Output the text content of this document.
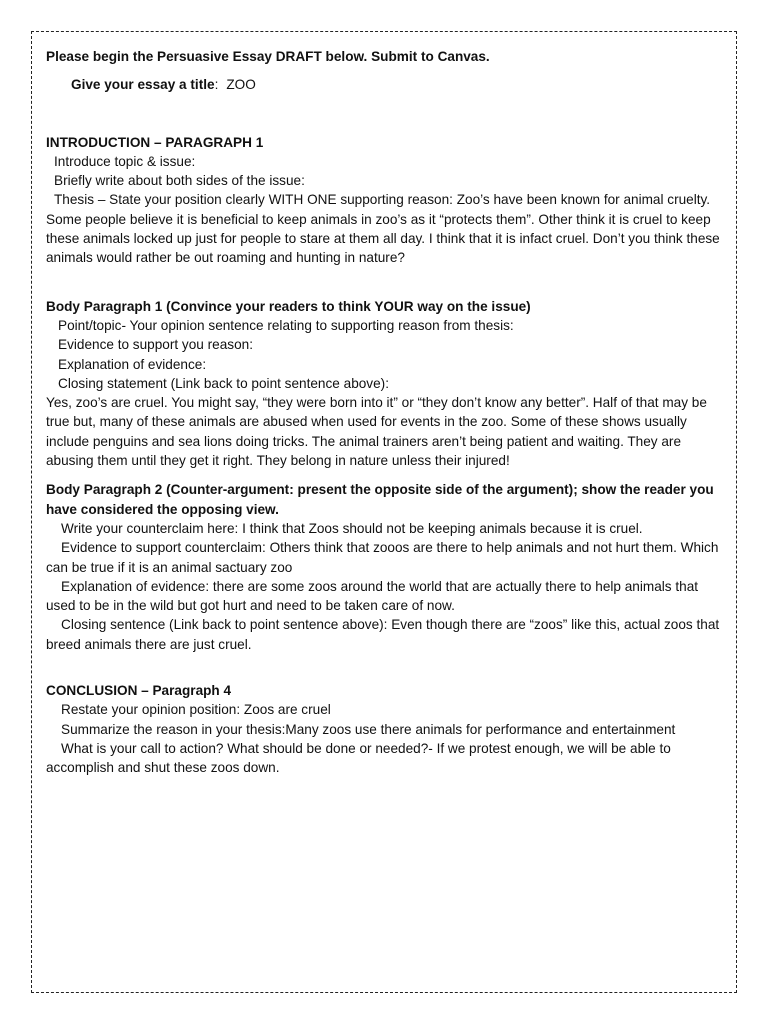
Please begin the Persuasive Essay DRAFT below. Submit to Canvas.
Give your essay a title: ZOO
INTRODUCTION – PARAGRAPH 1
Introduce topic & issue:
Briefly write about both sides of the issue:
Thesis – State your position clearly WITH ONE supporting reason: Zoo’s have been known for animal cruelty. Some people believe it is beneficial to keep animals in zoo’s as it “protects them”. Other think it is cruel to keep these animals locked up just for people to stare at them all day. I think that it is infact cruel. Don’t you think these animals would rather be out roaming and hunting in nature?
Body Paragraph 1 (Convince your readers to think YOUR way on the issue)
Point/topic- Your opinion sentence relating to supporting reason from thesis:
Evidence to support you reason:
Explanation of evidence:
Closing statement (Link back to point sentence above):
Yes, zoo’s are cruel. You might say, “they were born into it” or “they don’t know any better”. Half of that may be true but, many of these animals are abused when used for events in the zoo. Some of these shows usually include penguins and sea lions doing tricks. The animal trainers aren’t being patient and waiting. They are abusing them until they get it right. They belong in nature unless their injured!
Body Paragraph 2 (Counter-argument: present the opposite side of the argument); show the reader you have considered the opposing view.
Write your counterclaim here: I think that Zoos should not be keeping animals because it is cruel.
Evidence to support counterclaim: Others think that zooos are there to help animals and not hurt them. Which can be true if it is an animal sactuary zoo
Explanation of evidence: there are some zoos around the world that are actually there to help animals that used to be in the wild but got hurt and need to be taken care of now.
Closing sentence (Link back to point sentence above): Even though there are “zoos” like this, actual zoos that breed animals there are just cruel.
CONCLUSION – Paragraph 4
Restate your opinion position: Zoos are cruel
Summarize the reason in your thesis:Many zoos use there animals for performance and entertainment
What is your call to action? What should be done or needed?- If we protest enough, we will be able to accomplish and shut these zoos down.
